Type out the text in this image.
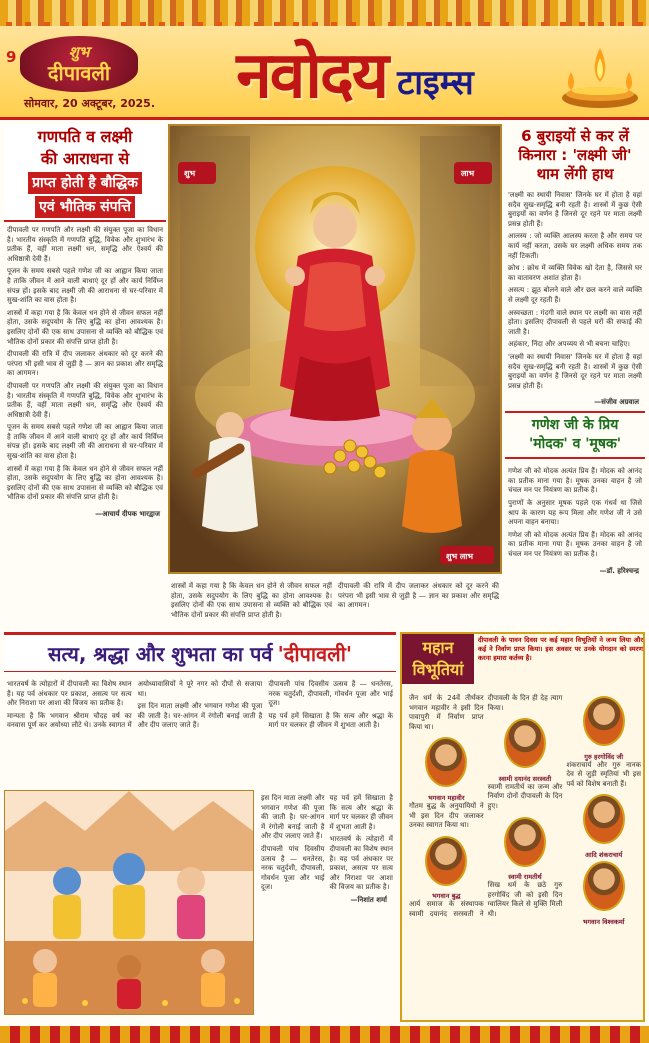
9	शुभ
दीपावली
सोमवार, 20 अक्टूबर, 2025. नवोदय टाइम्स
गणपति व लक्ष्मी
की आराधना से
प्राप्त होती है बौद्धिक एवं भौतिक संपत्ति

दीपावली पर गणपति और लक्ष्मी की संयुक्त पूजा का विधान है। भारतीय संस्कृति में गणपति बुद्धि, विवेक और शुभारंभ के प्रतीक हैं, वहीं माता लक्ष्मी धन, समृद्धि और ऐश्वर्य की अधिष्ठात्री देवी हैं।

पूजन के समय सबसे पहले गणेश जी का आह्वान किया जाता है ताकि जीवन में आने वाली बाधाएं दूर हों और कार्य निर्विघ्न संपन्न हों। इसके बाद लक्ष्मी जी की आराधना से घर-परिवार में सुख-शांति का वास होता है।

शास्त्रों में कहा गया है कि केवल धन होने से जीवन सफल नहीं होता, उसके सदुपयोग के लिए बुद्धि का होना आवश्यक है। इसलिए दोनों की एक साथ उपासना से व्यक्ति को बौद्धिक एवं भौतिक दोनों प्रकार की संपत्ति प्राप्त होती है।

दीपावली की रात्रि में दीप जलाकर अंधकार को दूर करने की परंपरा भी इसी भाव से जुड़ी है — ज्ञान का प्रकाश और समृद्धि का आगमन।

दीपावली पर गणपति और लक्ष्मी की संयुक्त पूजा का विधान है। भारतीय संस्कृति में गणपति बुद्धि, विवेक और शुभारंभ के प्रतीक हैं, वहीं माता लक्ष्मी धन, समृद्धि और ऐश्वर्य की अधिष्ठात्री देवी हैं।

पूजन के समय सबसे पहले गणेश जी का आह्वान किया जाता है ताकि जीवन में आने वाली बाधाएं दूर हों और कार्य निर्विघ्न संपन्न हों। इसके बाद लक्ष्मी जी की आराधना से घर-परिवार में सुख-शांति का वास होता है।

शास्त्रों में कहा गया है कि केवल धन होने से जीवन सफल नहीं होता, उसके सदुपयोग के लिए बुद्धि का होना आवश्यक है। इसलिए दोनों की एक साथ उपासना से व्यक्ति को बौद्धिक एवं भौतिक दोनों प्रकार की संपत्ति प्राप्त होती है।

—आचार्य दीपक भारद्वाज
शुभ	लाभ
शुभ लाभ

शास्त्रों में कहा गया है कि केवल धन होने से जीवन सफल नहीं होता, उसके सदुपयोग के लिए बुद्धि का होना आवश्यक है। इसलिए दोनों की एक साथ उपासना से व्यक्ति को बौद्धिक एवं भौतिक दोनों प्रकार की संपत्ति प्राप्त होती है।

दीपावली की रात्रि में दीप जलाकर अंधकार को दूर करने की परंपरा भी इसी भाव से जुड़ी है — ज्ञान का प्रकाश और समृद्धि का आगमन।

6 बुराइयों से कर लें
किनारा : 'लक्ष्मी जी'
थाम लेंगी हाथ

'लक्ष्मी का स्थायी निवास' जिनके घर में होता है वहां सदैव सुख-समृद्धि बनी रहती है। शास्त्रों में कुछ ऐसी बुराइयों का वर्णन है जिनसे दूर रहने पर माता लक्ष्मी प्रसन्न होती हैं।

आलस्य : जो व्यक्ति आलस्य करता है और समय पर कार्य नहीं करता, उसके घर लक्ष्मी अधिक समय तक नहीं टिकतीं।

क्रोध : क्रोध में व्यक्ति विवेक खो देता है, जिससे घर का वातावरण अशांत होता है।

असत्य : झूठ बोलने वाले और छल करने वाले व्यक्ति से लक्ष्मी दूर रहती हैं।

अस्वच्छता : गंदगी वाले स्थान पर लक्ष्मी का वास नहीं होता। इसलिए दीपावली से पहले घरों की सफाई की जाती है।

अहंकार, निंदा और अपव्यय से भी बचना चाहिए।

'लक्ष्मी का स्थायी निवास' जिनके घर में होता है वहां सदैव सुख-समृद्धि बनी रहती है। शास्त्रों में कुछ ऐसी बुराइयों का वर्णन है जिनसे दूर रहने पर माता लक्ष्मी प्रसन्न होती हैं।

—संजीव अग्रवाल
गणेश जी के प्रिय
'मोदक' व 'मूषक'

गणेश जी को मोदक अत्यंत प्रिय हैं। मोदक को आनंद का प्रतीक माना गया है। मूषक उनका वाहन है जो चंचल मन पर नियंत्रण का प्रतीक है।

पुराणों के अनुसार मूषक पहले एक गंधर्व था जिसे श्राप के कारण यह रूप मिला और गणेश जी ने उसे अपना वाहन बनाया।

गणेश जी को मोदक अत्यंत प्रिय हैं। मोदक को आनंद का प्रतीक माना गया है। मूषक उनका वाहन है जो चंचल मन पर नियंत्रण का प्रतीक है।

—डॉ. हरिश्चन्द्र
सत्य, श्रद्धा और शुभता का पर्व
'दीपावली'

भारतवर्ष के त्योहारों में दीपावली का विशेष स्थान है। यह पर्व अंधकार पर प्रकाश, असत्य पर सत्य और निराशा पर आशा की विजय का प्रतीक है।

मान्यता है कि भगवान श्रीराम चौदह वर्ष का वनवास पूर्ण कर अयोध्या लौटे थे। उनके स्वागत में अयोध्यावासियों ने पूरे नगर को दीपों से सजाया था।

इस दिन माता लक्ष्मी और भगवान गणेश की पूजा की जाती है। घर-आंगन में रंगोली बनाई जाती है और दीप जलाए जाते हैं।

दीपावली पांच दिवसीय उत्सव है — धनतेरस, नरक चतुर्दशी, दीपावली, गोवर्धन पूजा और भाई दूज।

यह पर्व हमें सिखाता है कि सत्य और श्रद्धा के मार्ग पर चलकर ही जीवन में शुभता आती है।

इस दिन माता लक्ष्मी और भगवान गणेश की पूजा की जाती है। घर-आंगन में रंगोली बनाई जाती है और दीप जलाए जाते हैं।

दीपावली पांच दिवसीय उत्सव है — धनतेरस, नरक चतुर्दशी, दीपावली, गोवर्धन पूजा और भाई दूज।

यह पर्व हमें सिखाता है कि सत्य और श्रद्धा के मार्ग पर चलकर ही जीवन में शुभता आती है।

भारतवर्ष के त्योहारों में दीपावली का विशेष स्थान है। यह पर्व अंधकार पर प्रकाश, असत्य पर सत्य और निराशा पर आशा की विजय का प्रतीक है।

—निशांत शर्मा
महान
विभूतियां
दीपावली के पावन दिवस पर कई महान विभूतियों ने जन्म लिया और कई ने निर्वाण प्राप्त किया। इस अवसर पर उनके योगदान को स्मरण करना हमारा कर्तव्य है।

जैन धर्म के 24वें तीर्थंकर भगवान महावीर ने इसी दिन पावापुरी में निर्वाण प्राप्त किया था।

भगवान महावीर

गौतम बुद्ध के अनुयायियों ने भी इस दिन दीप जलाकर उनका स्वागत किया था।

भगवान बुद्ध

आर्य समाज के संस्थापक स्वामी दयानंद सरस्वती ने दीपावली के दिन ही देह त्याग किया।

स्वामी दयानंद सरस्वती

स्वामी रामतीर्थ का जन्म और निर्वाण दोनों दीपावली के दिन हुए।

स्वामी रामतीर्थ

सिख धर्म के छठे गुरु हरगोविंद जी को इसी दिन ग्वालियर किले से मुक्ति मिली थी।

गुरु हरगोविंद जी

शंकराचार्य और गुरु नानक देव से जुड़ी स्मृतियां भी इस पर्व को विशेष बनाती हैं।

आदि शंकराचार्य
भगवान विश्वकर्मा
